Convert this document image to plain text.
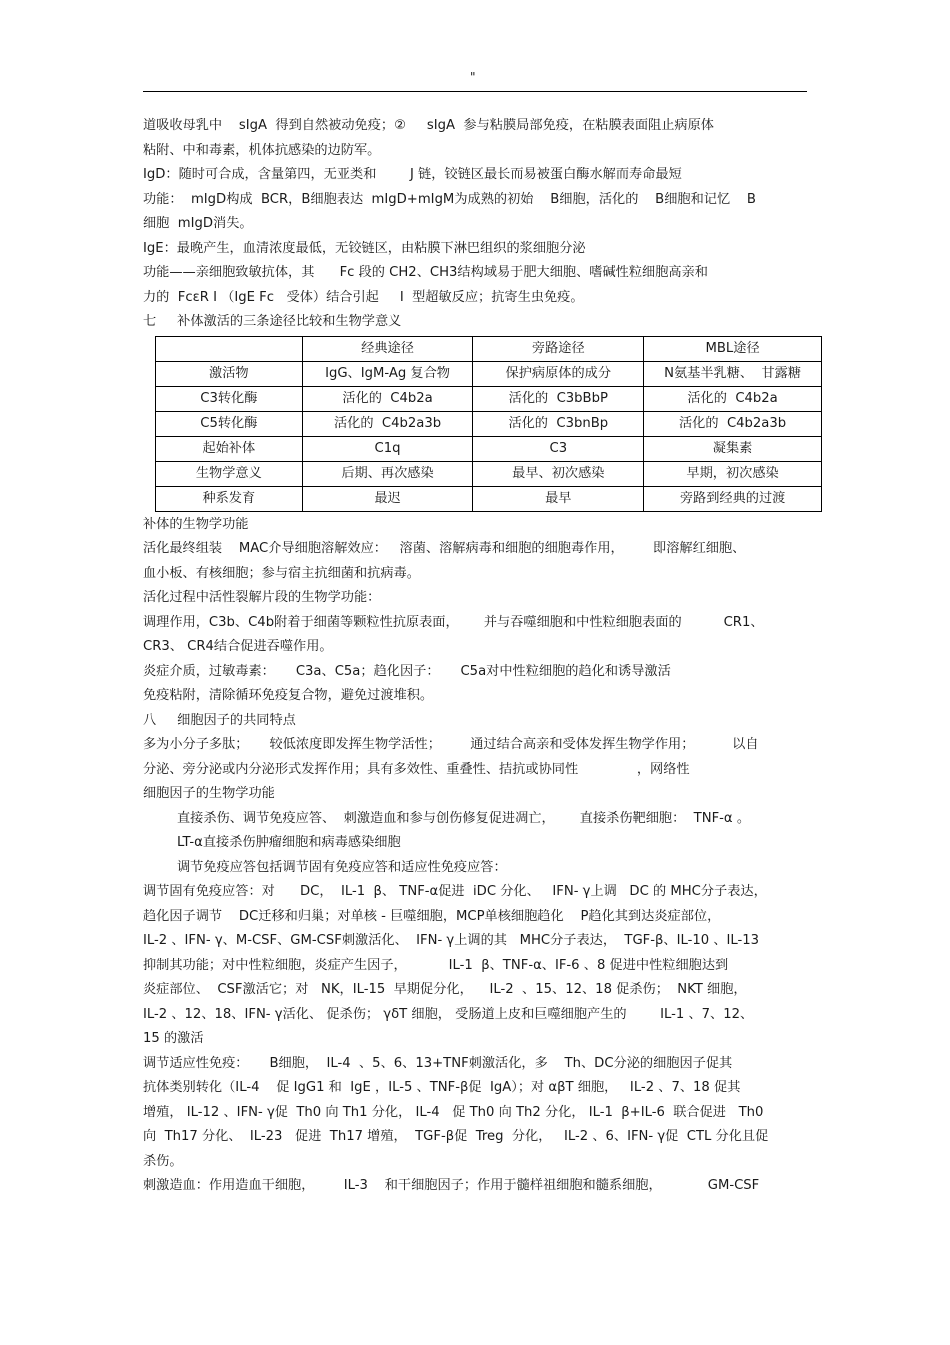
"
道吸收母乳中    sIgA  得到自然被动免疫；②     sIgA  参与粘膜局部免疫，在粘膜表面阻止病原体
粘附、中和毒素，机体抗感染的边防军。
IgD：随时可合成，含量第四，无亚类和        J 链，铰链区最长而易被蛋白酶水解而寿命最短
功能：  mIgD构成  BCR，B细胞表达  mIgD+mIgM为成熟的初始    B细胞，活化的    B细胞和记忆    B
细胞  mIgD消失。
IgE：最晚产生，血清浓度最低，无铰链区，由粘膜下淋巴组织的浆细胞分泌
功能——亲细胞致敏抗体，其      Fc 段的 CH2、CH3结构域易于肥大细胞、嗜碱性粒细胞高亲和
力的  FcεR I （IgE Fc   受体）结合引起     I  型超敏反应；抗寄生虫免疫。
七     补体激活的三条途径比较和生物学意义
	经典途径	旁路途径	MBL途径
激活物	IgG、IgM-Ag 复合物	保护病原体的成分	N氨基半乳糖、  甘露糖
C3转化酶	活化的  C4b2a	活化的  C3bBbP	活化的  C4b2a
C5转化酶	活化的  C4b2a3b	活化的  C3bnBp	活化的  C4b2a3b
起始补体	C1q	C3	凝集素
生物学意义	后期、再次感染	最早、初次感染	早期，初次感染
种系发育	最迟	最早	旁路到经典的过渡
补体的生物学功能
活化最终组装    MAC介导细胞溶解效应：   溶菌、溶解病毒和细胞的细胞毒作用，       即溶解红细胞、
血小板、有核细胞；参与宿主抗细菌和抗病毒。
活化过程中活性裂解片段的生物学功能：
调理作用，C3b、C4b附着于细菌等颗粒性抗原表面，      并与吞噬细胞和中性粒细胞表面的          CR1、
CR3、 CR4结合促进吞噬作用。
炎症介质，过敏毒素：     C3a、C5a；趋化因子：     C5a对中性粒细胞的趋化和诱导激活
免疫粘附，清除循环免疫复合物，避免过渡堆积。
八     细胞因子的共同特点
多为小分子多肽；     较低浓度即发挥生物学活性；       通过结合高亲和受体发挥生物学作用；         以自
分泌、旁分泌或内分泌形式发挥作用；具有多效性、重叠性、拮抗或协同性              ，网络性
细胞因子的生物学功能
直接杀伤、调节免疫应答、  刺激造血和参与创伤修复促进凋亡，      直接杀伤靶细胞：  TNF-α 。
LT-α直接杀伤肿瘤细胞和病毒感染细胞
调节免疫应答包括调节固有免疫应答和适应性免疫应答：
调节固有免疫应答：对      DC，  IL-1  β、 TNF-α促进  iDC 分化、   IFN- γ上调   DC 的 MHC分子表达，
趋化因子调节    DC迁移和归巢；对单核 - 巨噬细胞，MCP单核细胞趋化    P趋化其到达炎症部位，
IL-2 、IFN- γ、M-CSF、GM-CSF刺激活化、  IFN- γ上调的其   MHC分子表达，  TGF-β、IL-10 、IL-13
抑制其功能；对中性粒细胞，炎症产生因子，          IL-1  β、TNF-α、IF-6 、8 促进中性粒细胞达到
炎症部位、  CSF激活它；对   NK，IL-15  早期促分化，    IL-2  、15、12、18 促杀伤；  NKT 细胞，
IL-2 、12、18、IFN- γ活化、 促杀伤； γδT 细胞， 受肠道上皮和巨噬细胞产生的        IL-1 、7、12、
15 的激活
调节适应性免疫：     B细胞，  IL-4  、5、6、13+TNF刺激活化，多    Th、DC分泌的细胞因子促其
抗体类别转化（IL-4    促 IgG1 和  IgE ，IL-5 、TNF-β促  IgA）；对 αβT 细胞，   IL-2 、7、18 促其
增殖， IL-12 、IFN- γ促  Th0 向 Th1 分化， IL-4   促 Th0 向 Th2 分化， IL-1  β+IL-6  联合促进   Th0
向  Th17 分化、  IL-23   促进  Th17 增殖，  TGF-β促  Treg  分化，   IL-2 、6、IFN- γ促  CTL 分化且促
杀伤。
刺激造血：作用造血干细胞，       IL-3    和干细胞因子；作用于髓样祖细胞和髓系细胞，           GM-CSF
